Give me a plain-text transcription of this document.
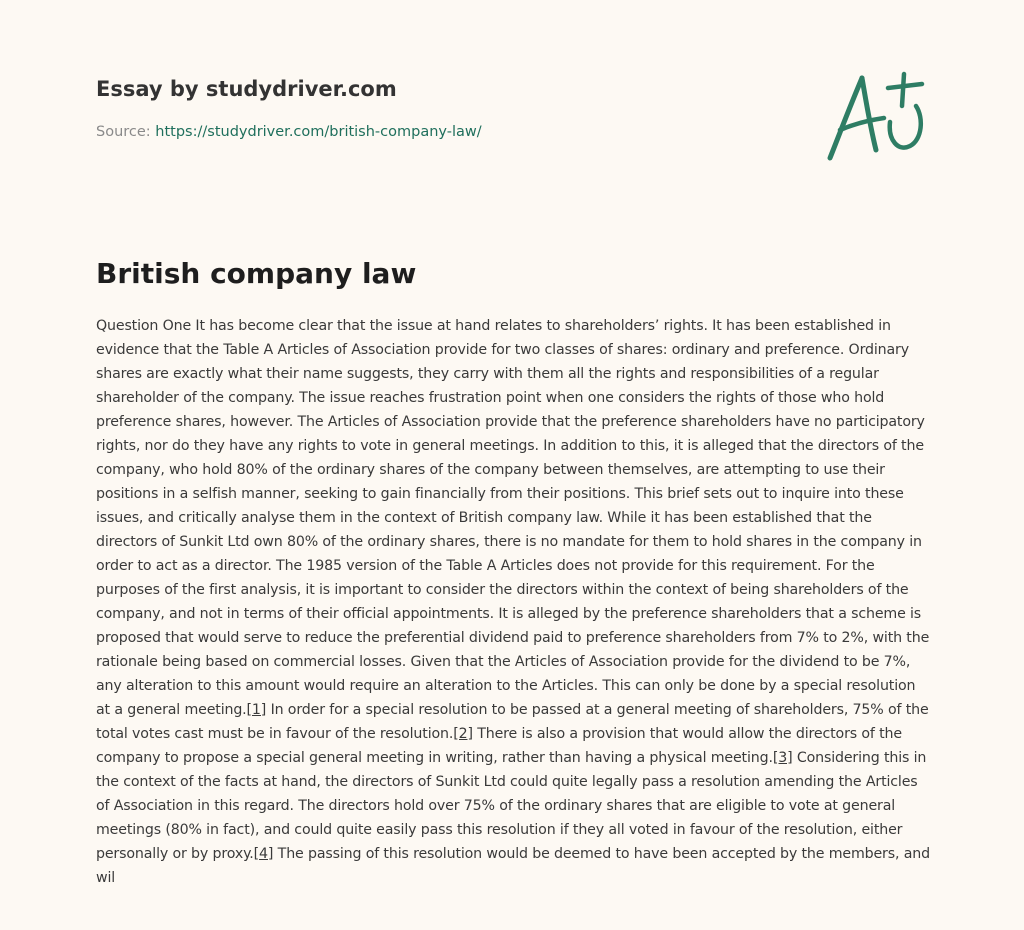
Essay by studydriver.com
Source: https://studydriver.com/british-company-law/
British company law

Question One It has become clear that the issue at hand relates to shareholders’ rights. It has been established in evidence that the Table A Articles of Association provide for two classes of shares: ordinary and preference. Ordinary shares are exactly what their name suggests, they carry with them all the rights and responsibilities of a regular shareholder of the company. The issue reaches frustration point when one considers the rights of those who hold preference shares, however. The Articles of Association provide that the preference shareholders have no participatory rights, nor do they have any rights to vote in general meetings. In addition to this, it is alleged that the directors of the company, who hold 80% of the ordinary shares of the company between themselves, are attempting to use their positions in a selfish manner, seeking to gain financially from their positions. This brief sets out to inquire into these issues, and critically analyse them in the context of British company law. While it has been established that the directors of Sunkit Ltd own 80% of the ordinary shares, there is no mandate for them to hold shares in the company in order to act as a director. The 1985 version of the Table A Articles does not provide for this requirement. For the purposes of the first analysis, it is important to consider the directors within the context of being shareholders of the company, and not in terms of their official appointments. It is alleged by the preference shareholders that a scheme is proposed that would serve to reduce the preferential dividend paid to preference shareholders from 7% to 2%, with the rationale being based on commercial losses. Given that the Articles of Association provide for the dividend to be 7%, any alteration to this amount would require an alteration to the Articles. This can only be done by a special resolution at a general meeting.[1] In order for a special resolution to be passed at a general meeting of shareholders, 75% of the total votes cast must be in favour of the resolution.[2] There is also a provision that would allow the directors of the company to propose a special general meeting in writing, rather than having a physical meeting.[3] Considering this in the context of the facts at hand, the directors of Sunkit Ltd could quite legally pass a resolution amending the Articles of Association in this regard. The directors hold over 75% of the ordinary shares that are eligible to vote at general meetings (80% in fact), and could quite easily pass this resolution if they all voted in favour of the resolution, either personally or by proxy.[4] The passing of this resolution would be deemed to have been accepted by the members, and wil
